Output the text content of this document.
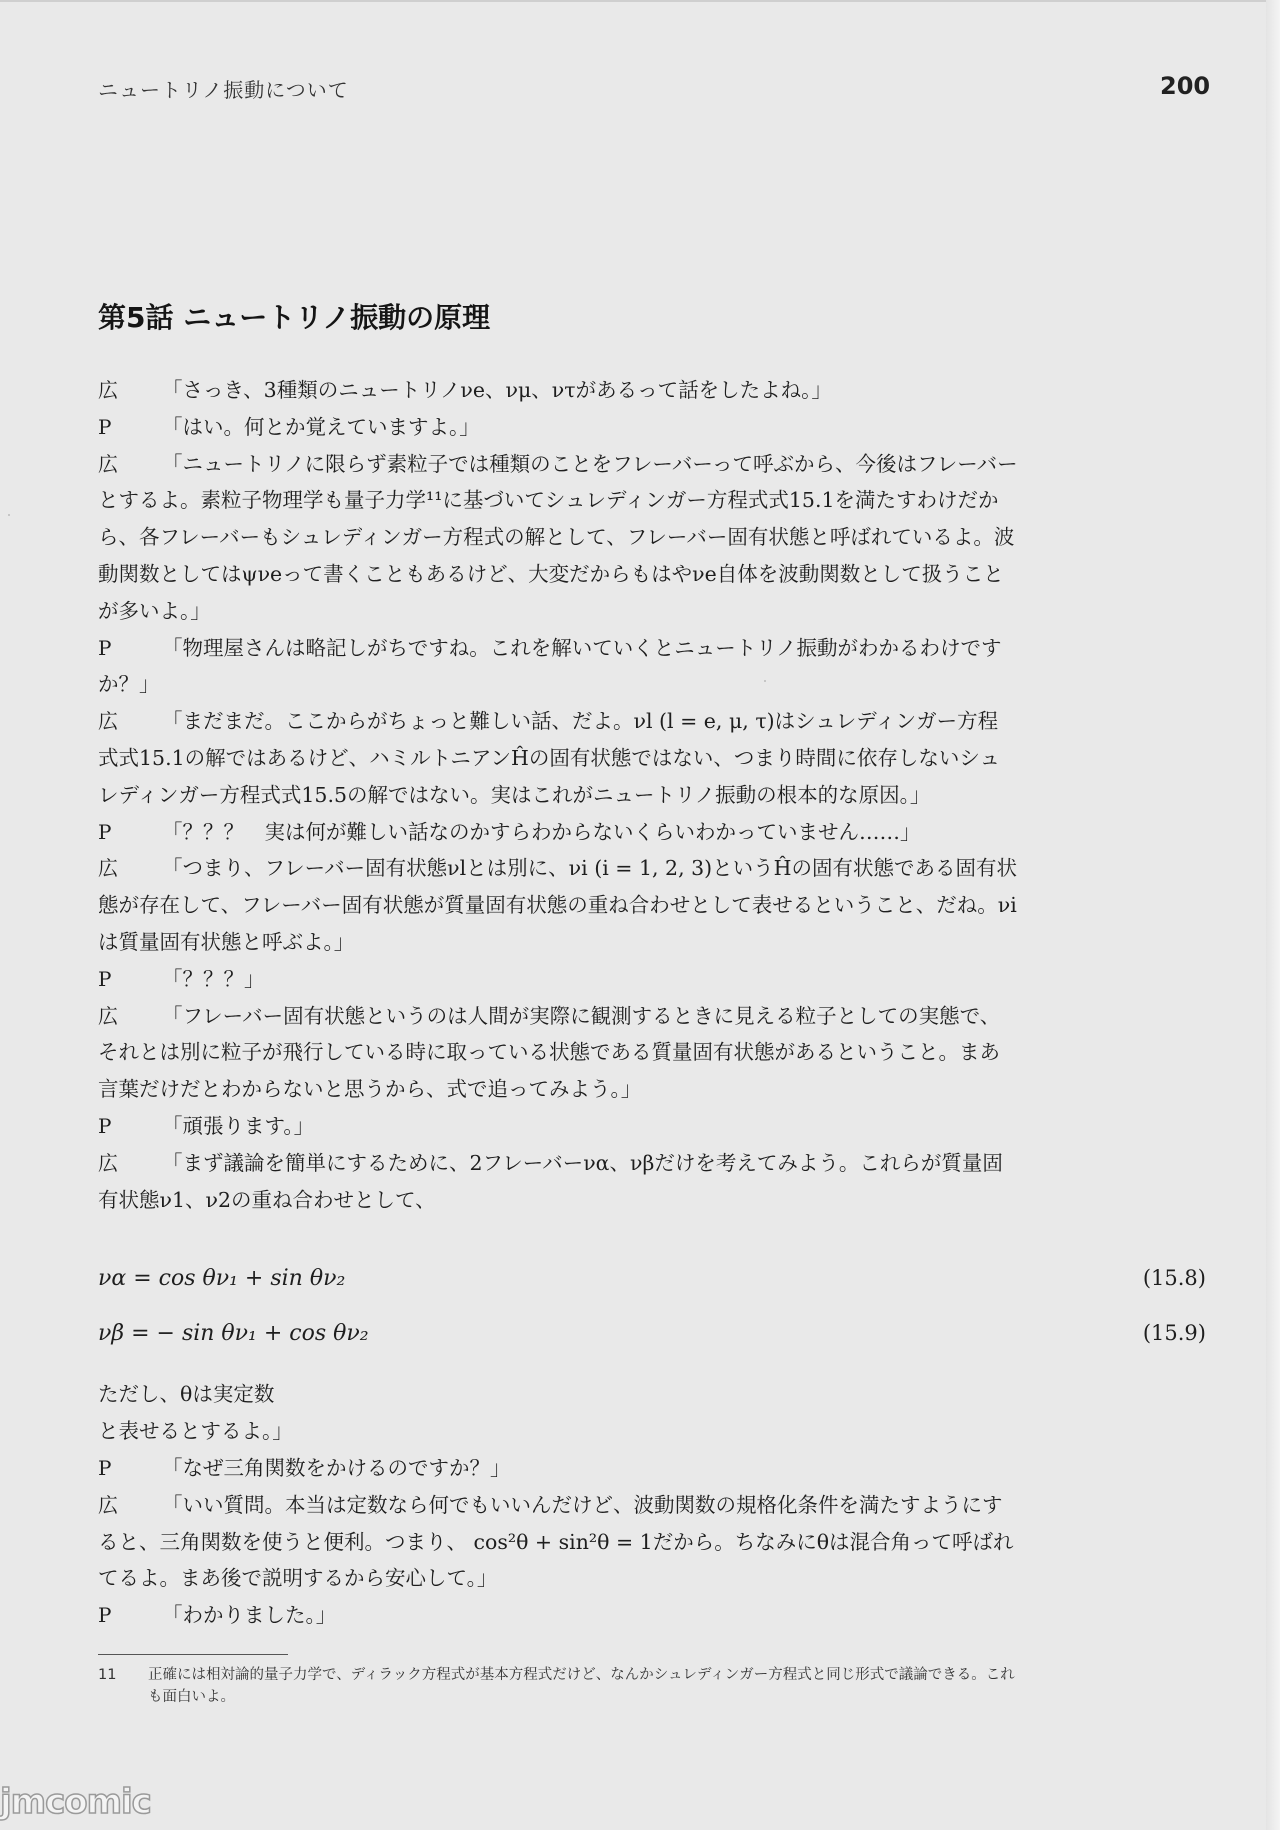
ニュートリノ振動について	200
第5話 ニュートリノ振動の原理
広	「さっき、3種類のニュートリノνe、νμ、ντがあるって話をしたよね。」
P	「はい。何とか覚えていますよ。」
広	「ニュートリノに限らず素粒子では種類のことをフレーバーって呼ぶから、今後はフレーバーとするよ。素粒子物理学も量子力学¹¹に基づいてシュレディンガー方程式式15.1を満たすわけだから、各フレーバーもシュレディンガー方程式の解として、フレーバー固有状態と呼ばれているよ。波動関数としてはψνeって書くこともあるけど、大変だからもはやνe自体を波動関数として扱うことが多いよ。」
P	「物理屋さんは略記しがちですね。これを解いていくとニュートリノ振動がわかるわけですか？」
広	「まだまだ。ここからがちょっと難しい話、だよ。νl (l = e, μ, τ)はシュレディンガー方程式式15.1の解ではあるけど、ハミルトニアンĤの固有状態ではない、つまり時間に依存しないシュレディンガー方程式式15.5の解ではない。実はこれがニュートリノ振動の根本的な原因。」
P	「？？？　実は何が難しい話なのかすらわからないくらいわかっていません……」
広	「つまり、フレーバー固有状態νlとは別に、νi (i = 1, 2, 3)というĤの固有状態である固有状態が存在して、フレーバー固有状態が質量固有状態の重ね合わせとして表せるということ、だね。νiは質量固有状態と呼ぶよ。」
P	「？？？」
広	「フレーバー固有状態というのは人間が実際に観測するときに見える粒子としての実態で、それとは別に粒子が飛行している時に取っている状態である質量固有状態があるということ。まあ言葉だけだとわからないと思うから、式で追ってみよう。」
P	「頑張ります。」
広	「まず議論を簡単にするために、2フレーバーνα、νβだけを考えてみよう。これらが質量固有状態ν1、ν2の重ね合わせとして、
να = cos θν₁ + sin θν₂	(15.8)
νβ = − sin θν₁ + cos θν₂	(15.9)
ただし、θは実定数
と表せるとするよ。」
P	「なぜ三角関数をかけるのですか？」
広	「いい質問。本当は定数なら何でもいいんだけど、波動関数の規格化条件を満たすようにすると、三角関数を使うと便利。つまり、 cos²θ + sin²θ = 1だから。ちなみにθは混合角って呼ばれてるよ。まあ後で説明するから安心して。」
P	「わかりました。」
11	正確には相対論的量子力学で、ディラック方程式が基本方程式だけど、なんかシュレディンガー方程式と同じ形式で議論できる。これも面白いよ。
jmcomic
